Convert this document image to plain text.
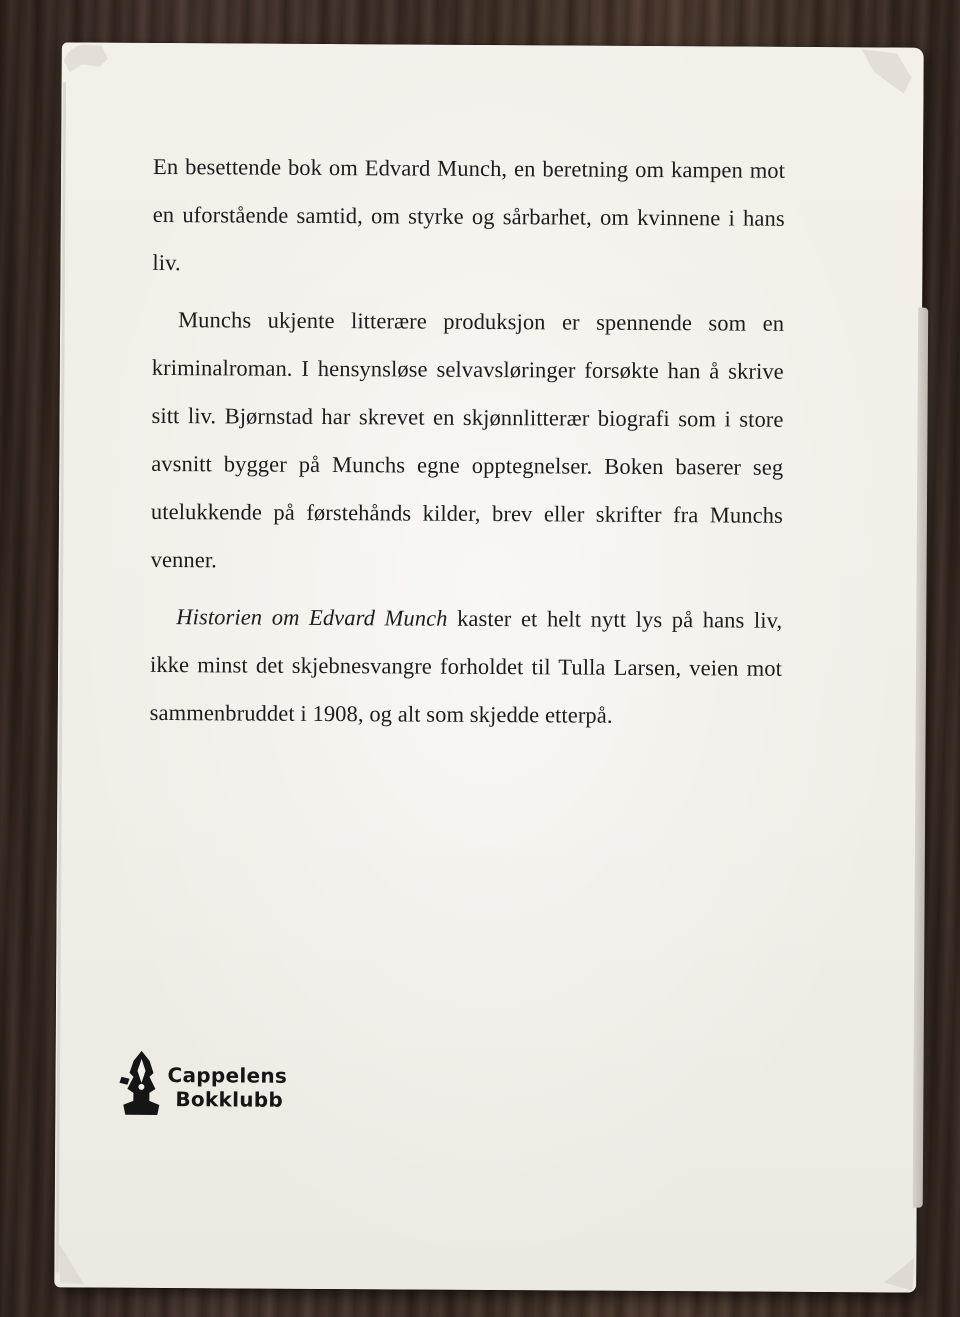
En besettende bok om Edvard Munch, en beretning om kampen mot en uforstående samtid, om styrke og sårbarhet, om kvinnene i hans liv.

Munchs ukjente litterære produksjon er spennende som en kriminalroman. I hensynsløse selvavsløringer forsøkte han å skrive sitt liv. Bjørnstad har skrevet en skjønnlitterær biografi som i store avsnitt bygger på Munchs egne opptegnelser. Boken baserer seg utelukkende på førstehånds kilder, brev eller skrifter fra Munchs venner.

Historien om Edvard Munch kaster et helt nytt lys på hans liv, ikke minst det skjebnesvangre forholdet til Tulla Larsen, veien mot sammenbruddet i 1908, og alt som skjedde etterpå.

Cappelens
Bokklubb
